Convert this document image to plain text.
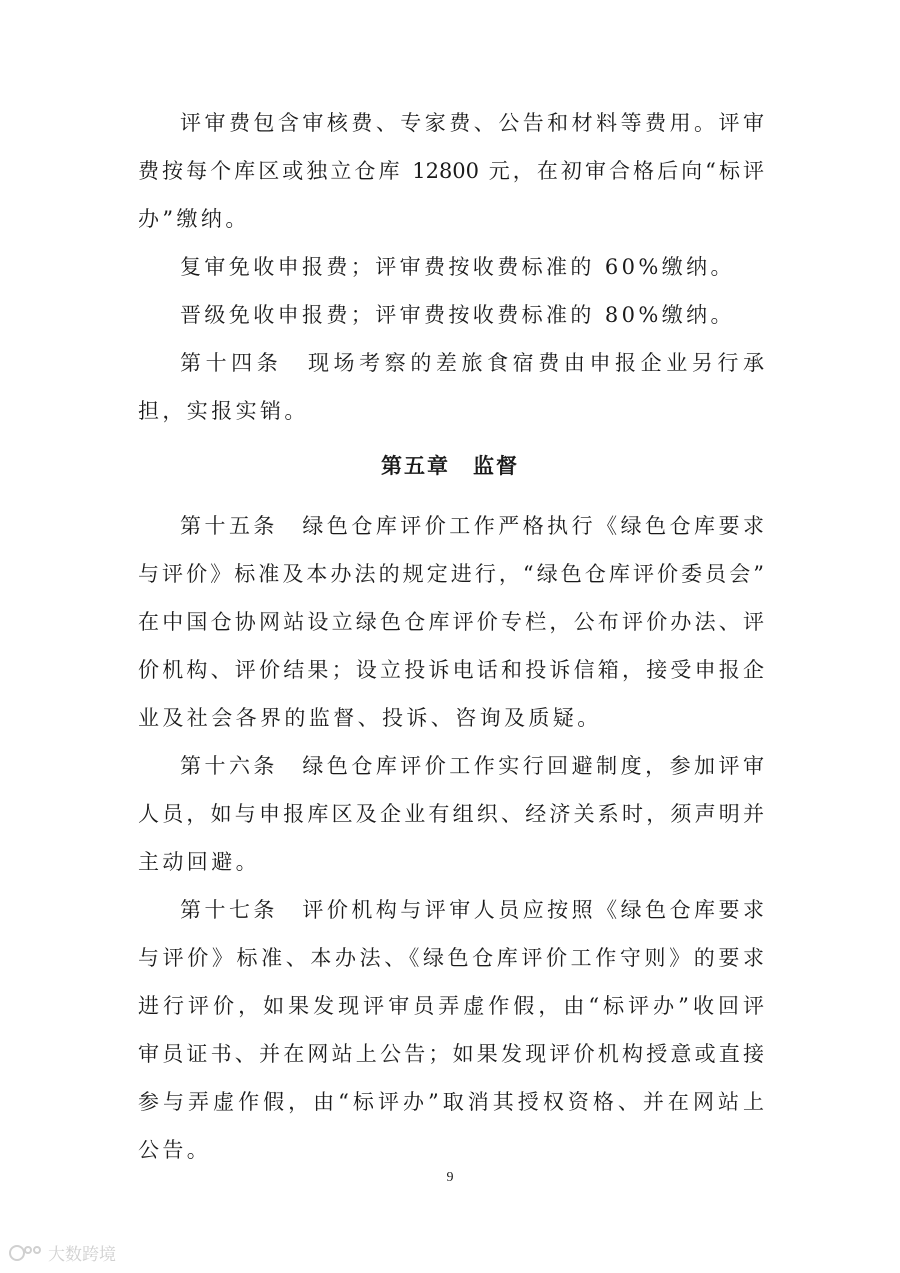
评审费包含审核费、专家费、公告和材料等费用。评审
费按每个库区或独立仓库 12800 元，在初审合格后向“标评
办”缴纳。
复审免收申报费；评审费按收费标准的 60%缴纳。
晋级免收申报费；评审费按收费标准的 80%缴纳。
第十四条　现场考察的差旅食宿费由申报企业另行承
担，实报实销。
第五章　监督
第十五条　绿色仓库评价工作严格执行《绿色仓库要求
与评价》标准及本办法的规定进行，“绿色仓库评价委员会”
在中国仓协网站设立绿色仓库评价专栏，公布评价办法、评
价机构、评价结果；设立投诉电话和投诉信箱，接受申报企
业及社会各界的监督、投诉、咨询及质疑。
第十六条　绿色仓库评价工作实行回避制度，参加评审
人员，如与申报库区及企业有组织、经济关系时，须声明并
主动回避。
第十七条　评价机构与评审人员应按照《绿色仓库要求
与评价》标准、本办法、《绿色仓库评价工作守则》的要求
进行评价，如果发现评审员弄虚作假，由“标评办”收回评
审员证书、并在网站上公告；如果发现评价机构授意或直接
参与弄虚作假，由“标评办”取消其授权资格、并在网站上
公告。
9
大数跨境
